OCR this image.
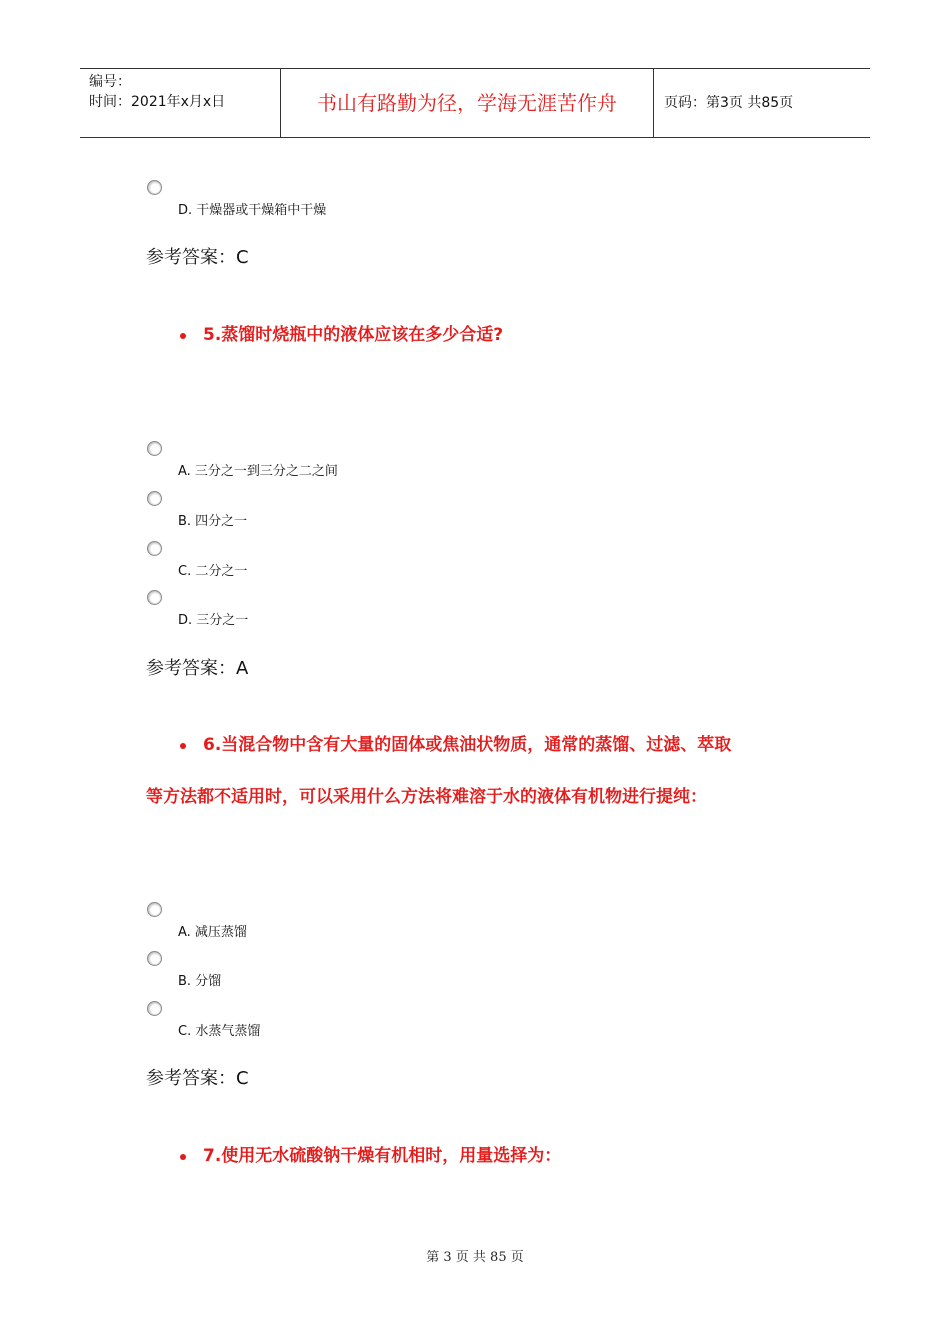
编号：
时间：2021年x月x日	书山有路勤为径，学海无涯苦作舟	页码：第3页 共85页
D. 干燥器或干燥箱中干燥
参考答案：C
5.蒸馏时烧瓶中的液体应该在多少合适?
A. 三分之一到三分之二之间
B. 四分之一
C. 二分之一
D. 三分之一
参考答案：A
6.当混合物中含有大量的固体或焦油状物质，通常的蒸馏、过滤、萃取
等方法都不适用时，可以采用什么方法将难溶于水的液体有机物进行提纯：
A. 减压蒸馏
B. 分馏
C. 水蒸气蒸馏
参考答案：C
7.使用无水硫酸钠干燥有机相时，用量选择为：
第 3 页 共 85 页
